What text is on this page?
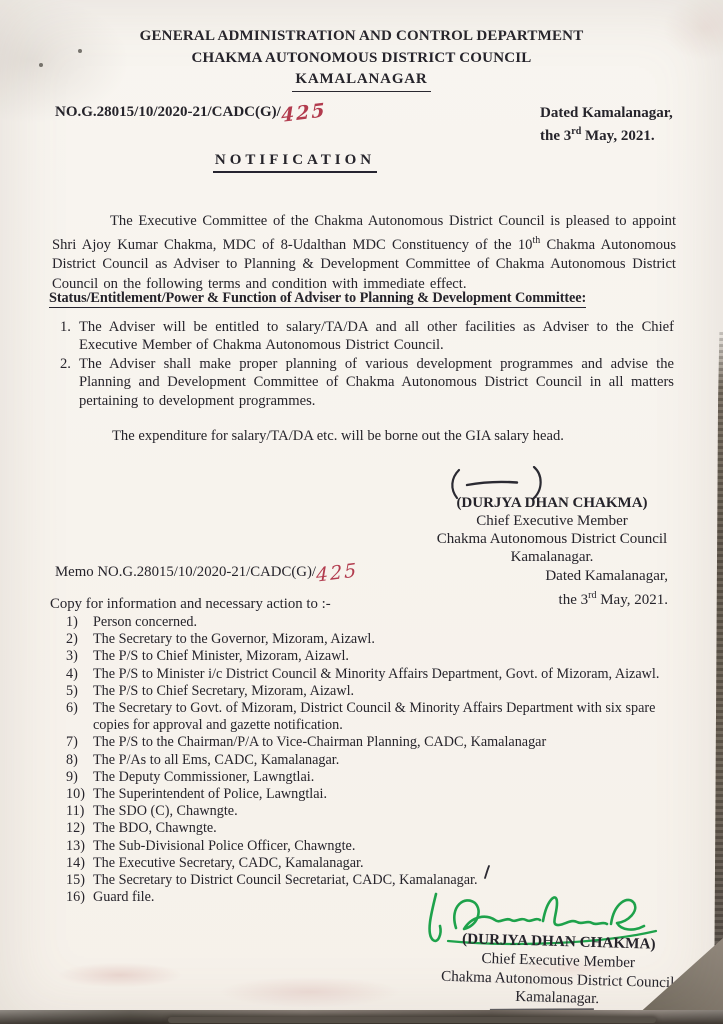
GENERAL ADMINISTRATION AND CONTROL DEPARTMENT
CHAKMA AUTONOMOUS DISTRICT COUNCIL
KAMALANAGAR
NO.G.28015/10/2020-21/CADC(G)/425	Dated Kamalanagar,
the 3rd May, 2021.
NOTIFICATION

The Executive Committee of the Chakma Autonomous District Council is pleased to appoint Shri Ajoy Kumar Chakma, MDC of 8-Udalthan MDC Constituency of the 10th Chakma Autonomous District Council as Adviser to Planning & Development Committee of Chakma Autonomous District Council on the following terms and condition with immediate effect.

Status/Entitlement/Power & Function of Adviser to Planning & Development Committee:
1. The Adviser will be entitled to salary/TA/DA and all other facilities as Adviser to the Chief Executive Member of Chakma Autonomous District Council.
2. The Adviser shall make proper planning of various development programmes and advise the Planning and Development Committee of Chakma Autonomous District Council in all matters pertaining to development programmes.
The expenditure for salary/TA/DA etc. will be borne out the GIA salary head.
(DURJYA DHAN CHAKMA)
Chief Executive Member
Chakma Autonomous District Council
Kamalanagar.
Dated Kamalanagar,
the 3rd May, 2021.
Memo NO.G.28015/10/2020-21/CADC(G)/425
Copy for information and necessary action to :-
1) Person concerned.
2) The Secretary to the Governor, Mizoram, Aizawl.
3) The P/S to Chief Minister, Mizoram, Aizawl.
4) The P/S to Minister i/c District Council & Minority Affairs Department, Govt. of Mizoram, Aizawl.
5) The P/S to Chief Secretary, Mizoram, Aizawl.
6) The Secretary to Govt. of Mizoram, District Council & Minority Affairs Department with six spare copies for approval and gazette notification.
7) The P/S to the Chairman/P/A to Vice-Chairman Planning, CADC, Kamalanagar
8) The P/As to all Ems, CADC, Kamalanagar.
9) The Deputy Commissioner, Lawngtlai.
10) The Superintendent of Police, Lawngtlai.
11) The SDO (C), Chawngte.
12) The BDO, Chawngte.
13) The Sub-Divisional Police Officer, Chawngte.
14) The Executive Secretary, CADC, Kamalanagar.
15) The Secretary to District Council Secretariat, CADC, Kamalanagar.
16) Guard file.
(DURJYA DHAN CHAKMA)
Chief Executive Member
Chakma Autonomous District Council
Kamalanagar.
